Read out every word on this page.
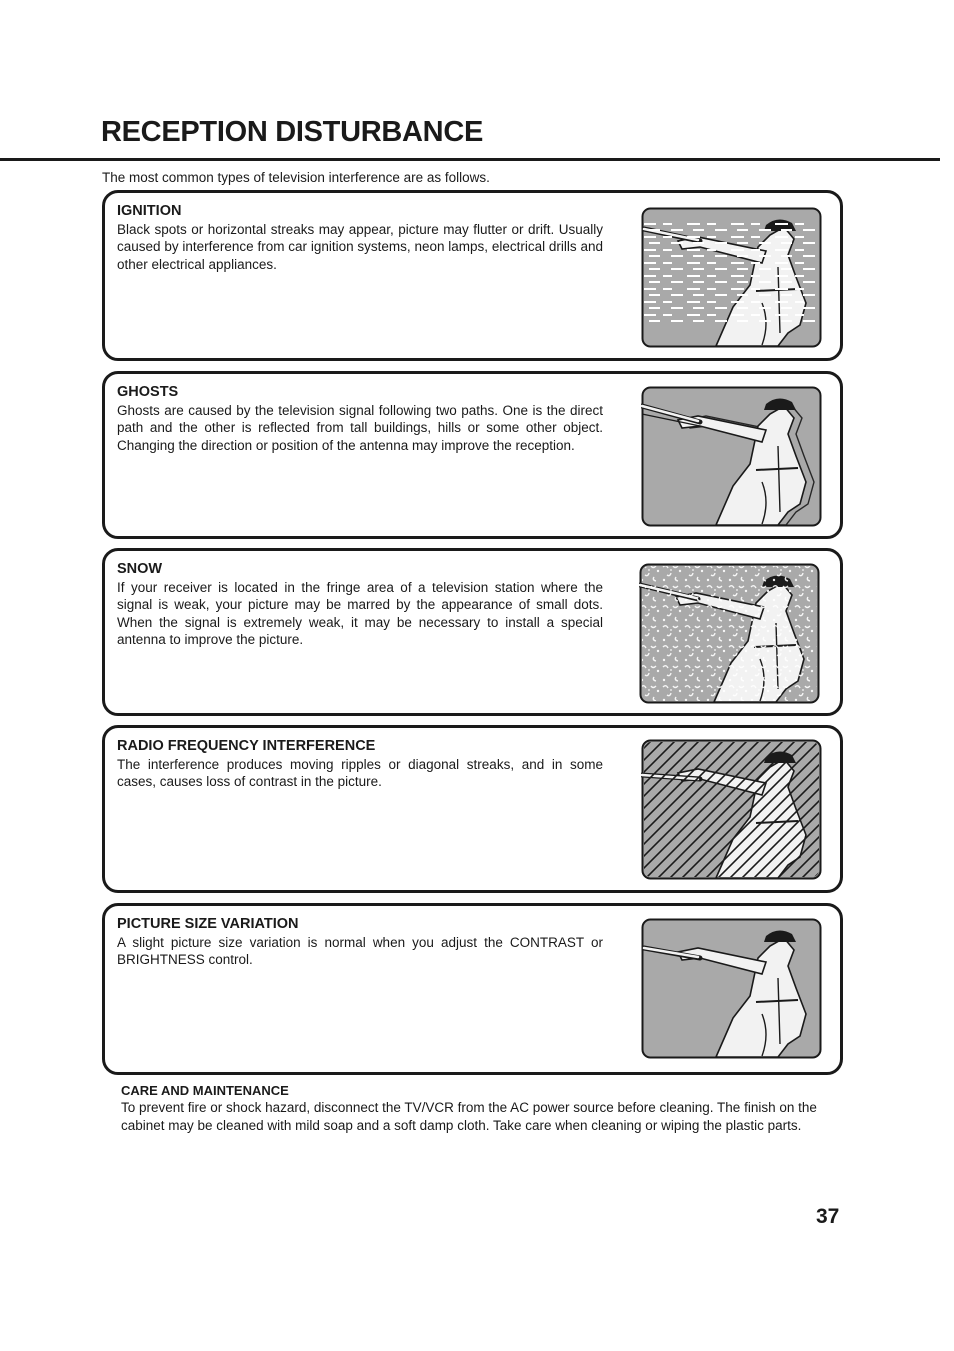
RECEPTION DISTURBANCE

The most common types of television interference are as follows.

IGNITION

Black spots or horizontal streaks may appear, picture may flutter or drift. Usually caused by interference from car ignition systems, neon lamps, electrical drills and other electrical appliances.

GHOSTS

Ghosts are caused by the television signal following two paths. One is the direct path and the other is reflected from tall buildings, hills or some other object. Changing the direction or position of the antenna may improve the reception.

SNOW

If your receiver is located in the fringe area of a television station where the signal is weak, your picture may be marred by the appearance of small dots. When the signal is extremely weak, it may be necessary to install a special antenna to improve the picture.

RADIO FREQUENCY INTERFERENCE

The interference produces moving ripples or diagonal streaks, and in some cases, causes loss of contrast in the picture.

PICTURE SIZE VARIATION

A slight picture size variation is normal when you adjust the CONTRAST or BRIGHTNESS control.

CARE AND MAINTENANCE

To prevent fire or shock hazard, disconnect the TV/VCR from the AC power source before cleaning. The finish on the cabinet may be cleaned with mild soap and a soft damp cloth. Take care when cleaning or wiping the plastic parts.

37
